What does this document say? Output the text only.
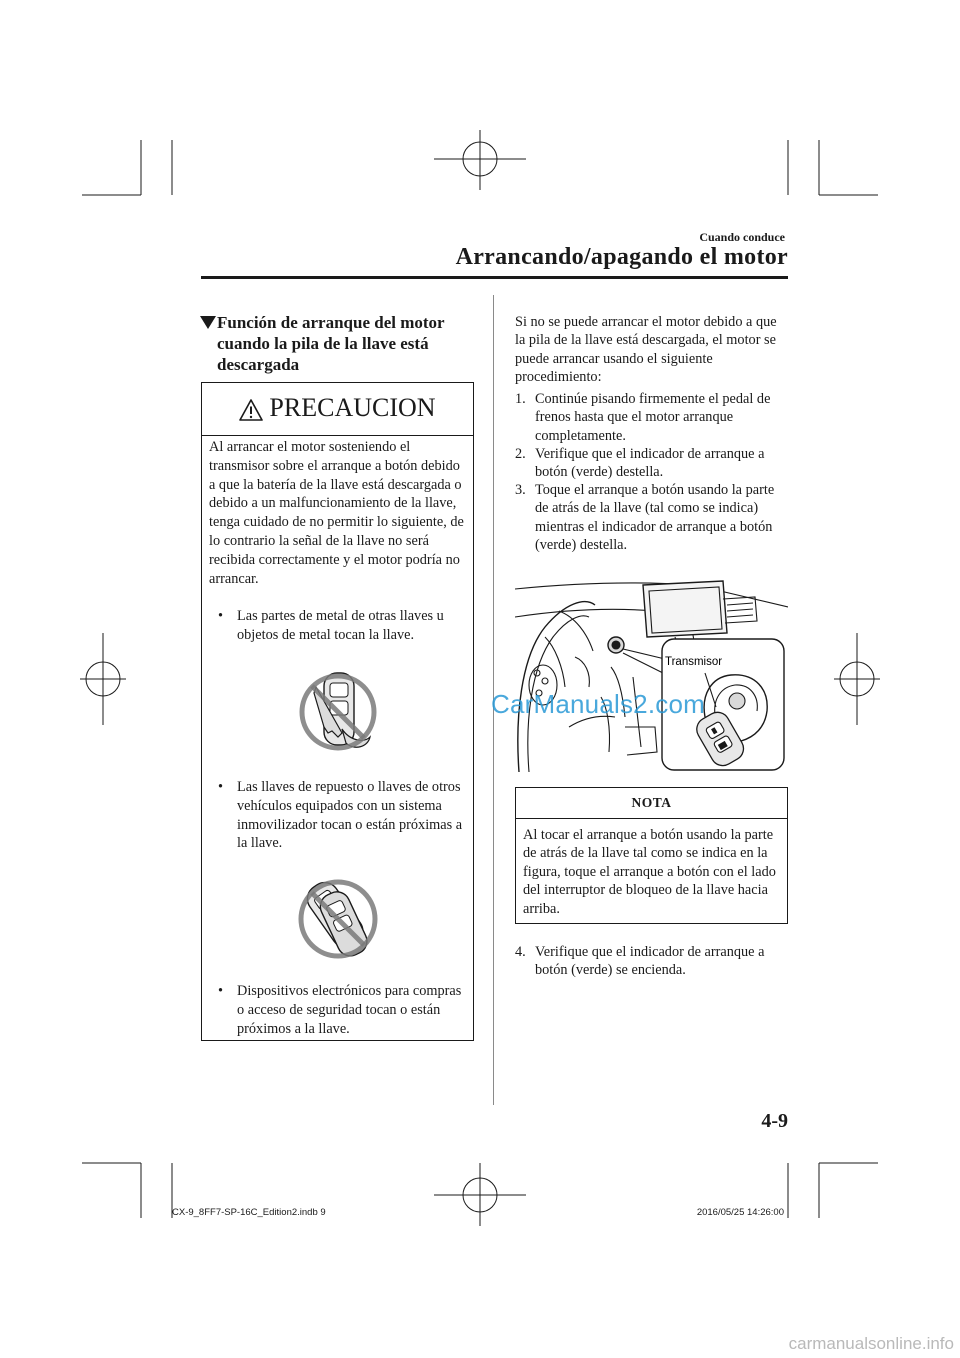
Cuando conduce
Arrancando/apagando el motor
Función de arranque del motor cuando la pila de la llave está descargada
PRECAUCION
Al arrancar el motor sosteniendo el transmisor sobre el arranque a botón debido a que la batería de la llave está descargada o debido a un malfuncionamiento de la llave, tenga cuidado de no permitir lo siguiente, de lo contrario la señal de la llave no será recibida correctamente y el motor podría no arrancar.
• Las partes de metal de otras llaves u objetos de metal tocan la llave.
• Las llaves de repuesto o llaves de otros vehículos equipados con un sistema inmovilizador tocan o están próximas a la llave.
• Dispositivos electrónicos para compras o acceso de seguridad tocan o están próximos a la llave.
Si no se puede arrancar el motor debido a que la pila de la llave está descargada, el motor se puede arrancar usando el siguiente procedimiento:
1. Continúe pisando firmemente el pedal de frenos hasta que el motor arranque completamente.
2. Verifique que el indicador de arranque a botón (verde) destella.
3. Toque el arranque a botón usando la parte de atrás de la llave (tal como se indica) mientras el indicador de arranque a botón (verde) destella.
Transmisor
NOTA
Al tocar el arranque a botón usando la parte de atrás de la llave tal como se indica en la figura, toque el arranque a botón con el lado del interruptor de bloqueo de la llave hacia arriba.
4. Verifique que el indicador de arranque a botón (verde) se encienda.
CarManuals2.com
4-9
CX-9_8FF7-SP-16C_Edition2.indb 9	2016/05/25 14:26:00
carmanualsonline.info
